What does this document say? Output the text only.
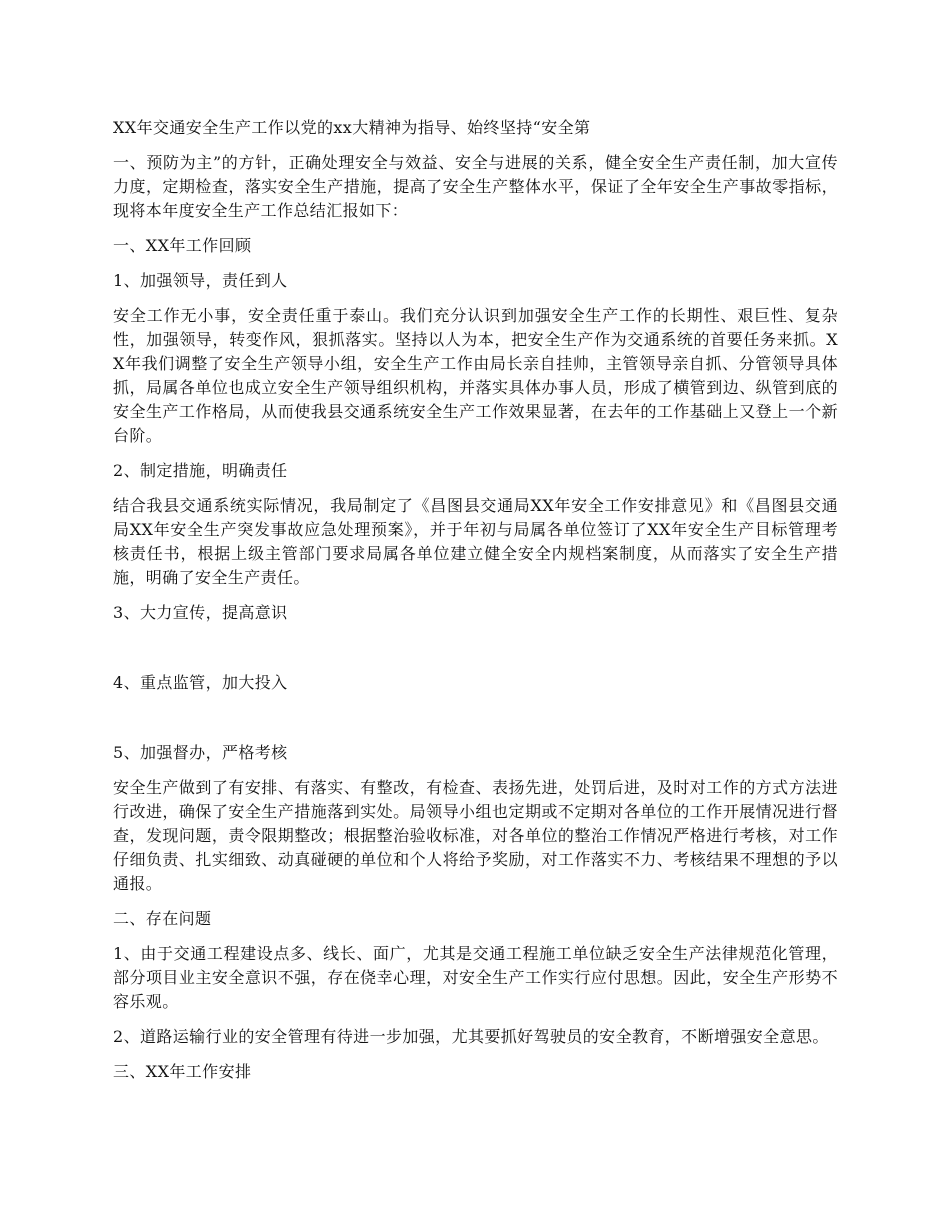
XX年交通安全生产工作以党的xx大精神为指导、始终坚持“安全第

一、预防为主”的方针，正确处理安全与效益、安全与进展的关系，健全安全生产责任制，加大宣传力度，定期检查，落实安全生产措施，提高了安全生产整体水平，保证了全年安全生产事故零指标，现将本年度安全生产工作总结汇报如下：

一、XX年工作回顾

1、加强领导，责任到人

安全工作无小事，安全责任重于泰山。我们充分认识到加强安全生产工作的长期性、艰巨性、复杂性，加强领导，转变作风，狠抓落实。坚持以人为本，把安全生产作为交通系统的首要任务来抓。XX年我们调整了安全生产领导小组，安全生产工作由局长亲自挂帅，主管领导亲自抓、分管领导具体抓，局属各单位也成立安全生产领导组织机构，并落实具体办事人员，形成了横管到边、纵管到底的安全生产工作格局，从而使我县交通系统安全生产工作效果显著，在去年的工作基础上又登上一个新台阶。

2、制定措施，明确责任

结合我县交通系统实际情况，我局制定了《昌图县交通局XX年安全工作安排意见》和《昌图县交通局XX年安全生产突发事故应急处理预案》，并于年初与局属各单位签订了XX年安全生产目标管理考核责任书，根据上级主管部门要求局属各单位建立健全安全内规档案制度，从而落实了安全生产措施，明确了安全生产责任。

3、大力宣传，提高意识

4、重点监管，加大投入

5、加强督办，严格考核

安全生产做到了有安排、有落实、有整改，有检查、表扬先进，处罚后进，及时对工作的方式方法进行改进，确保了安全生产措施落到实处。局领导小组也定期或不定期对各单位的工作开展情况进行督查，发现问题，责令限期整改；根据整治验收标准，对各单位的整治工作情况严格进行考核，对工作仔细负责、扎实细致、动真碰硬的单位和个人将给予奖励，对工作落实不力、考核结果不理想的予以通报。

二、存在问题

1、由于交通工程建设点多、线长、面广，尤其是交通工程施工单位缺乏安全生产法律规范化管理，部分项目业主安全意识不强，存在侥幸心理，对安全生产工作实行应付思想。因此，安全生产形势不容乐观。

2、道路运输行业的安全管理有待进一步加强，尤其要抓好驾驶员的安全教育，不断增强安全意思。

三、XX年工作安排
